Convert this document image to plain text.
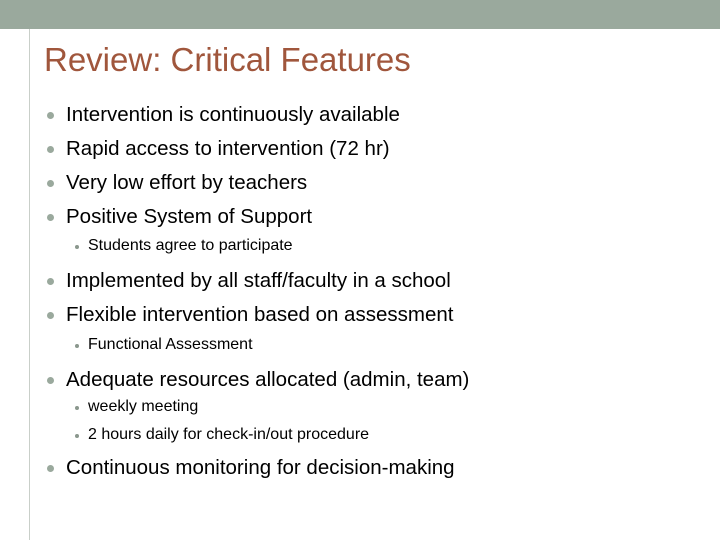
Review: Critical Features
Intervention is continuously available
Rapid access to intervention (72 hr)
Very low effort by teachers
Positive System of Support
Students agree to participate
Implemented by all staff/faculty in a school
Flexible intervention based on assessment
Functional Assessment
Adequate resources allocated (admin, team)
weekly meeting
2 hours daily for check-in/out procedure
Continuous monitoring for decision-making
